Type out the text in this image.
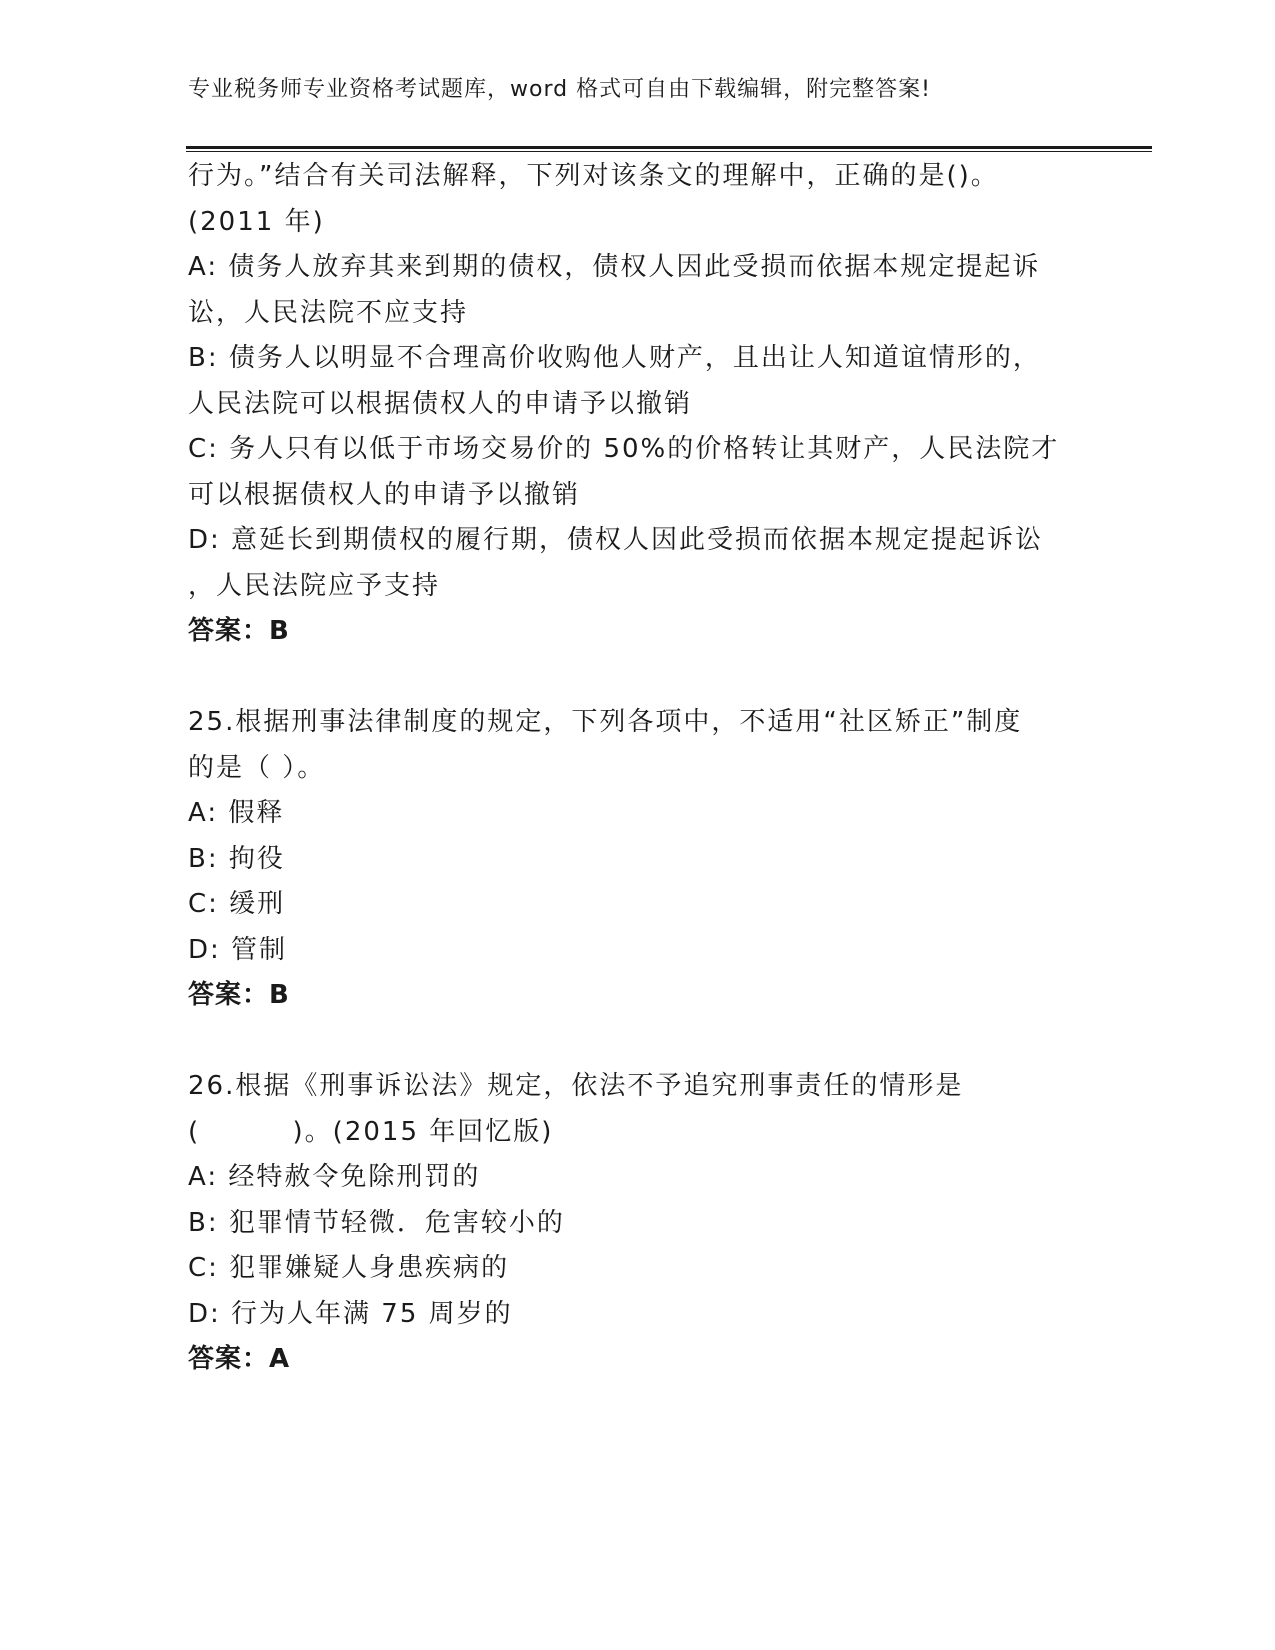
专业税务师专业资格考试题库，word 格式可自由下载编辑，附完整答案!
行为。”结合有关司法解释，下列对该条文的理解中，正确的是()。
(2011 年)
A: 债务人放弃其来到期的债权，债权人因此受损而依据本规定提起诉
讼，人民法院不应支持
B: 债务人以明显不合理高价收购他人财产，且出让人知道谊情形的，
人民法院可以根据债权人的申请予以撤销
C: 务人只有以低于市场交易价的 50%的价格转让其财产，人民法院才
可以根据债权人的申请予以撤销
D: 意延长到期债权的履行期，债权人因此受损而依据本规定提起诉讼
，人民法院应予支持
答案：B
25.根据刑事法律制度的规定，下列各项中，不适用“社区矫正”制度
的是（ ）。
A: 假释
B: 拘役
C: 缓刑
D: 管制
答案：B
26.根据《刑事诉讼法》规定，依法不予追究刑事责任的情形是
(         )。(2015 年回忆版)
A: 经特赦令免除刑罚的
B: 犯罪情节轻微．危害较小的
C: 犯罪嫌疑人身患疾病的
D: 行为人年满 75 周岁的
答案：A
